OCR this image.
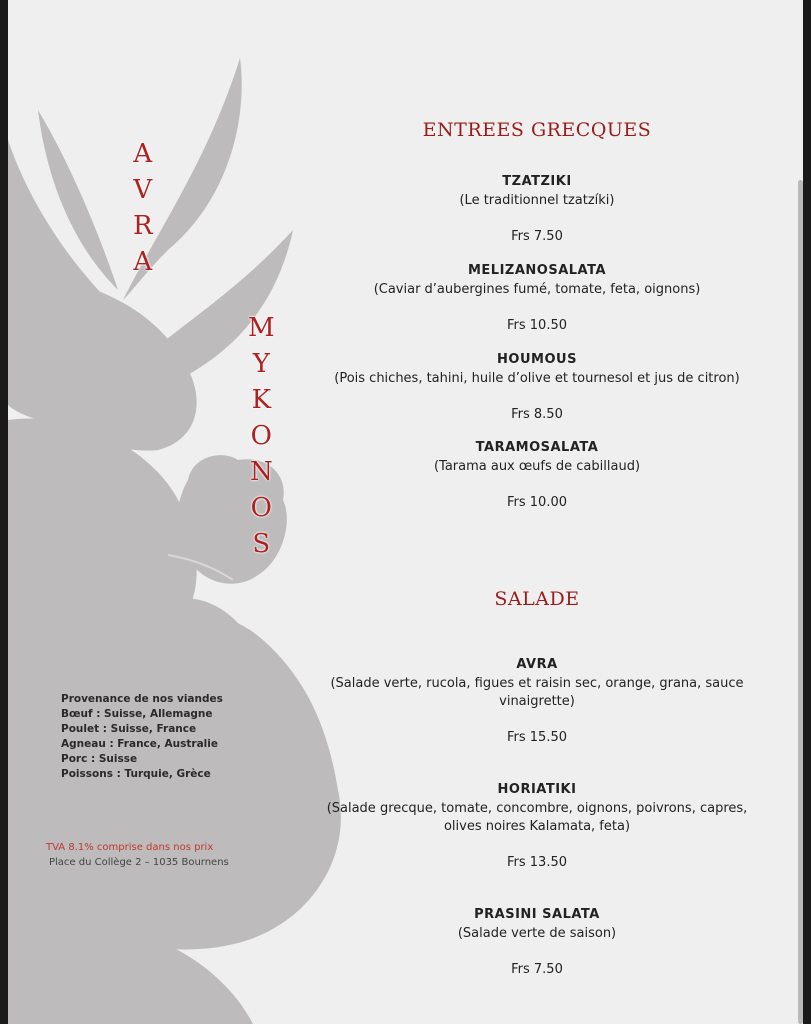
A
V
R
A
M
Y
K
O
N
O
S
ENTREES GRECQUES
TZATZIKI
(Le traditionnel tzatzíki)
Frs 7.50
MELIZANOSALATA
(Caviar d’aubergines fumé, tomate, feta, oignons)
Frs 10.50
HOUMOUS
(Pois chiches, tahini, huile d’olive et tournesol et jus de citron)
Frs 8.50
TARAMOSALATA
(Tarama aux œufs de cabillaud)
Frs 10.00
SALADE
AVRA
(Salade verte, rucola, figues et raisin sec, orange, grana, sauce vinaigrette)
Frs 15.50
HORIATIKI
(Salade grecque, tomate, concombre, oignons, poivrons, capres, olives noires Kalamata, feta)
Frs 13.50
PRASINI SALATA
(Salade verte de saison)
Frs 7.50
Provenance de nos viandes
Bœuf : Suisse, Allemagne
Poulet : Suisse, France
Agneau : France, Australie
Porc : Suisse
Poissons : Turquie, Grèce
TVA 8.1% comprise dans nos prix
Place du Collège 2 – 1035 Bournens
